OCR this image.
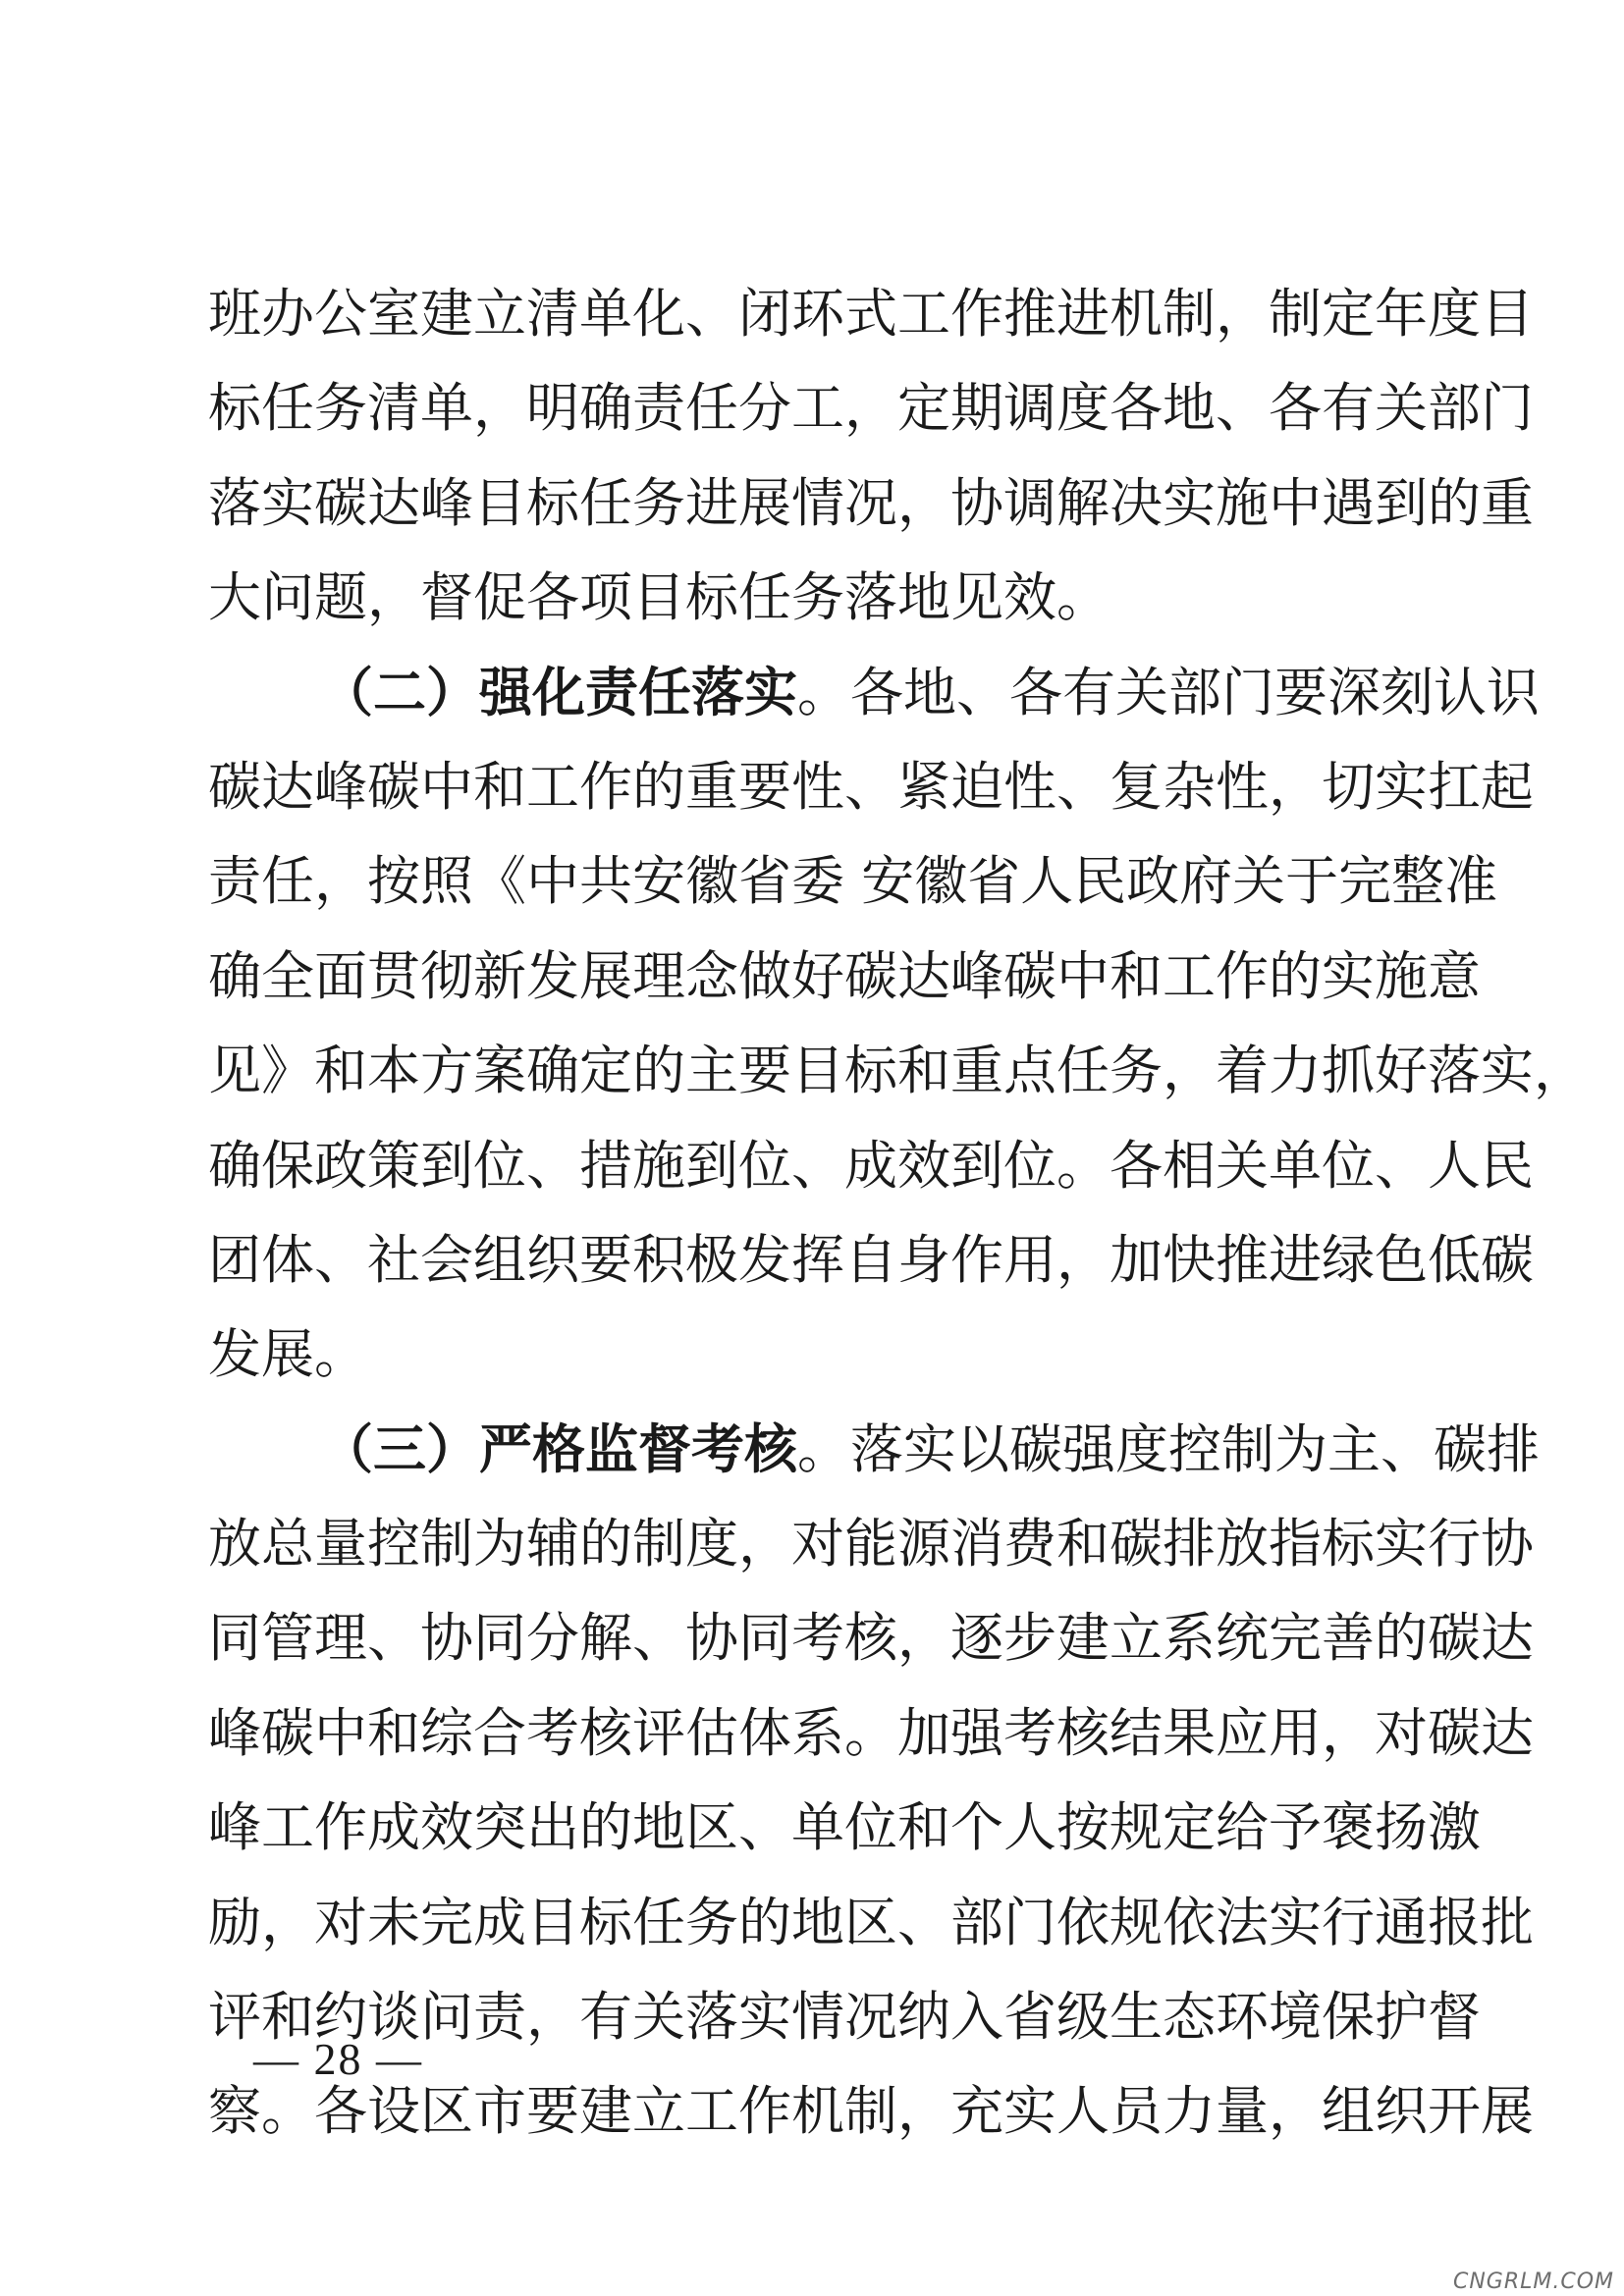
班办公室建立清单化、闭环式工作推进机制，制定年度目
标任务清单，明确责任分工，定期调度各地、各有关部门
落实碳达峰目标任务进展情况，协调解决实施中遇到的重
大问题，督促各项目标任务落地见效。
（二）强化责任落实。各地、各有关部门要深刻认识
碳达峰碳中和工作的重要性、紧迫性、复杂性，切实扛起
责任，按照《中共安徽省委 安徽省人民政府关于完整准
确全面贯彻新发展理念做好碳达峰碳中和工作的实施意
见》和本方案确定的主要目标和重点任务，着力抓好落实，
确保政策到位、措施到位、成效到位。各相关单位、人民
团体、社会组织要积极发挥自身作用，加快推进绿色低碳
发展。
（三）严格监督考核。落实以碳强度控制为主、碳排
放总量控制为辅的制度，对能源消费和碳排放指标实行协
同管理、协同分解、协同考核，逐步建立系统完善的碳达
峰碳中和综合考核评估体系。加强考核结果应用，对碳达
峰工作成效突出的地区、单位和个人按规定给予褒扬激
励，对未完成目标任务的地区、部门依规依法实行通报批
评和约谈问责，有关落实情况纳入省级生态环境保护督
察。各设区市要建立工作机制，充实人员力量，组织开展
— 28 —
CNGRLM.COM
